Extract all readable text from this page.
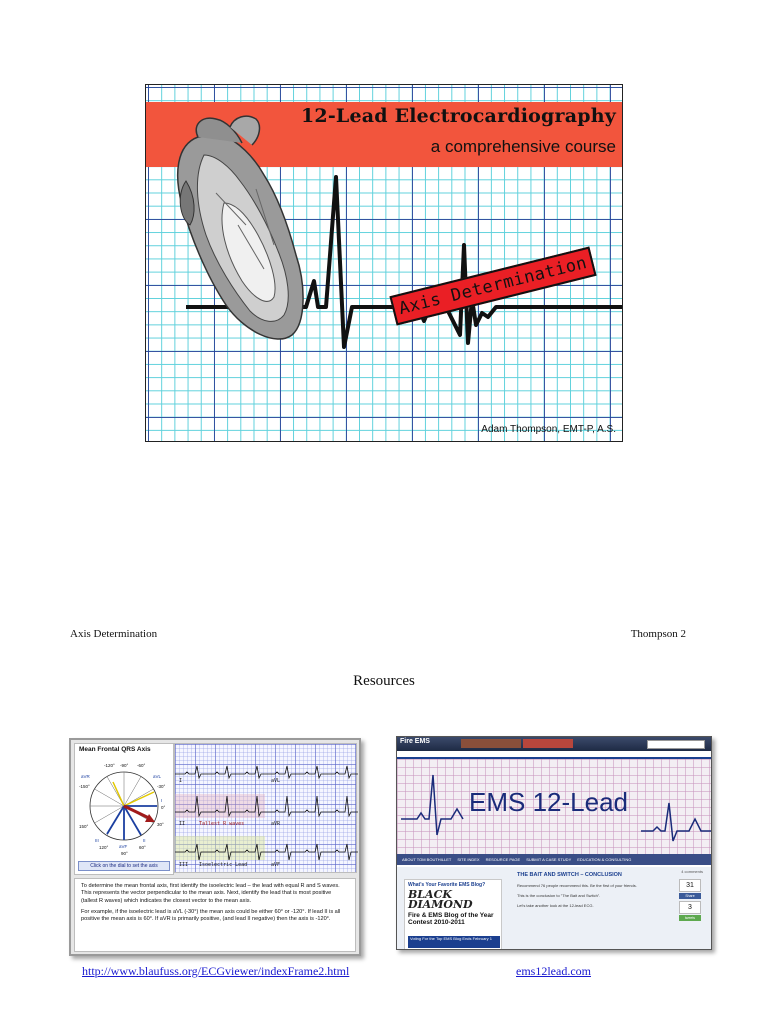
12-Lead Electrocardiography
a comprehensive course
Axis Determination
Adam Thompson, EMT-P, A.S.
Axis Determination	Thompson 2
Resources
Mean Frontal QRS Axis
-120° -90° -60°
aVR	aVL
-150°	-30°
I
0°
150°	30°
III	II
aVF
120°	60°
90°
Click on the dial to set the axis
I	aVL
II	Tallest R waves	aVR
III Isoelectric Lead	aVF

To determine the mean frontal axis, first identify the isoelectric lead – the lead with equal R and S waves. This represents the vector perpendicular to the mean axis. Next, identify the lead that is most positive (tallest R waves) which indicates the closest vector to the mean axis.

For example, if the isoelectric lead is aVL (-30°) the mean axis could be either 60° or -120°. If lead II is all positive the mean axis is 60°. If aVR is primarily positive, (and lead II negative) then the axis is -120°.

Fire EMS
EMS 12-Lead
ABOUT TOM BOUTHILLET SITE INDEX RESOURCE PAGE SUBMIT A CASE STUDY EDUCATION & CONSULTING
What's Your Favorite EMS Blog?
BLACK
DIAMOND
Fire & EMS Blog of the Year Contest 2010-2011
Voting For the Top EMS Blog Ends February 1
THE BAIT AND SWITCH – CONCLUSION
4 comments
Recommend 76 people recommend this. Be the first of your friends.
This is the conclusion to "The Bait and Switch".
Let's take another look at the 12-lead ECG.
31
Share
3
tweets
http://www.blaufuss.org/ECGviewer/indexFrame2.html	ems12lead.com
